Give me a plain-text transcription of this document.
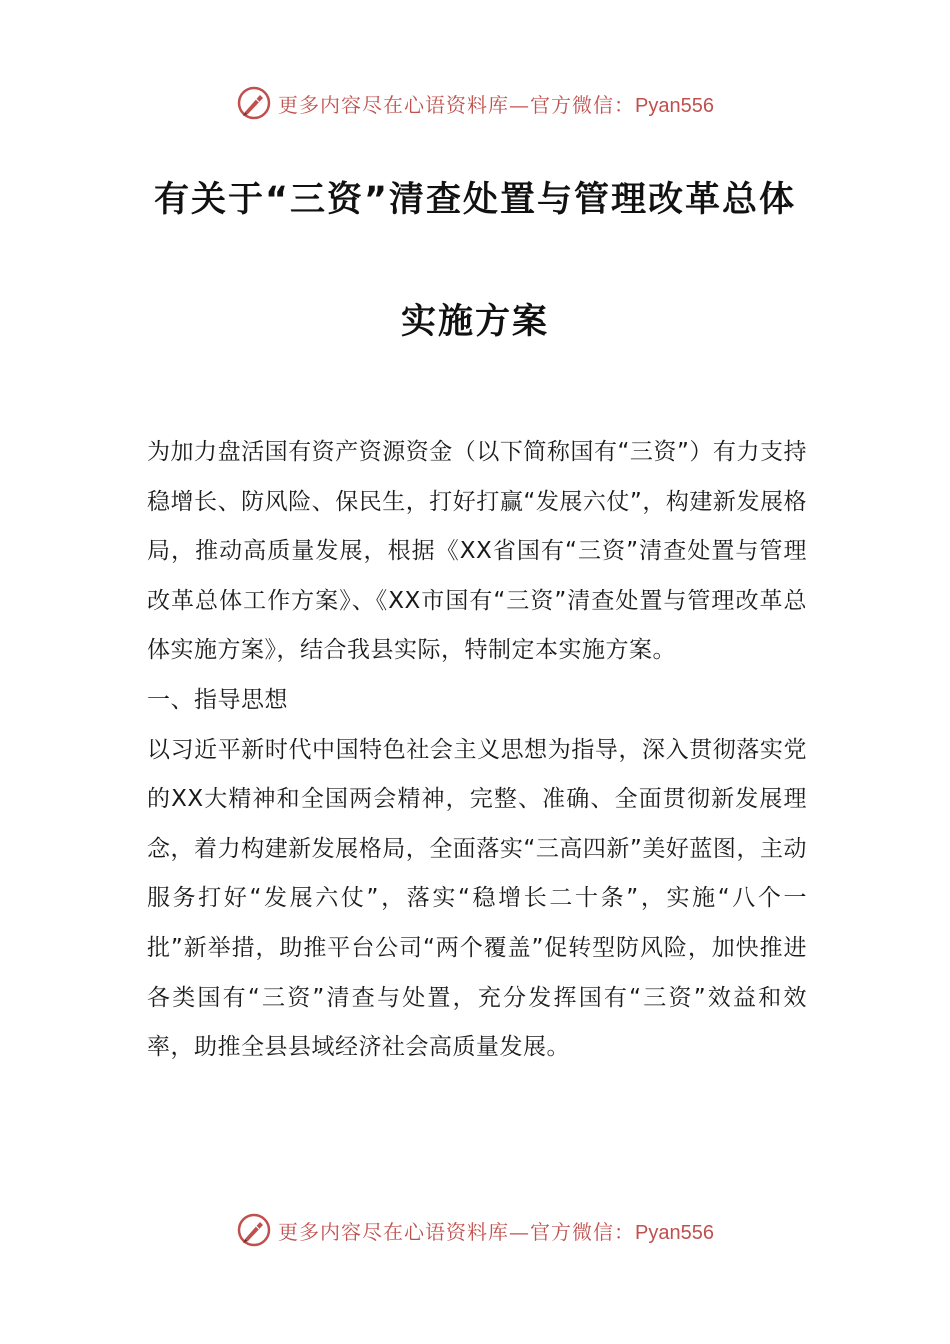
更多内容尽在心语资料库—官方微信：Pyan556
有关于“三资”清查处置与管理改革总体
实施方案

为加力盘活国有资产资源资金（以下简称国有“三资”）有力支持稳增长、防风险、保民生，打好打赢“发展六仗”，构建新发展格局，推动高质量发展，根据《XX省国有“三资”清查处置与管理改革总体工作方案》、《XX市国有“三资”清查处置与管理改革总体实施方案》，结合我县实际，特制定本实施方案。

一、指导思想

以习近平新时代中国特色社会主义思想为指导，深入贯彻落实党的XX大精神和全国两会精神，完整、准确、全面贯彻新发展理念，着力构建新发展格局，全面落实“三高四新”美好蓝图，主动服务打好“发展六仗”，落实“稳增长二十条”，实施“八个一批”新举措，助推平台公司“两个覆盖”促转型防风险，加快推进各类国有“三资”清查与处置，充分发挥国有“三资”效益和效率，助推全县县域经济社会高质量发展。

更多内容尽在心语资料库—官方微信：Pyan556
